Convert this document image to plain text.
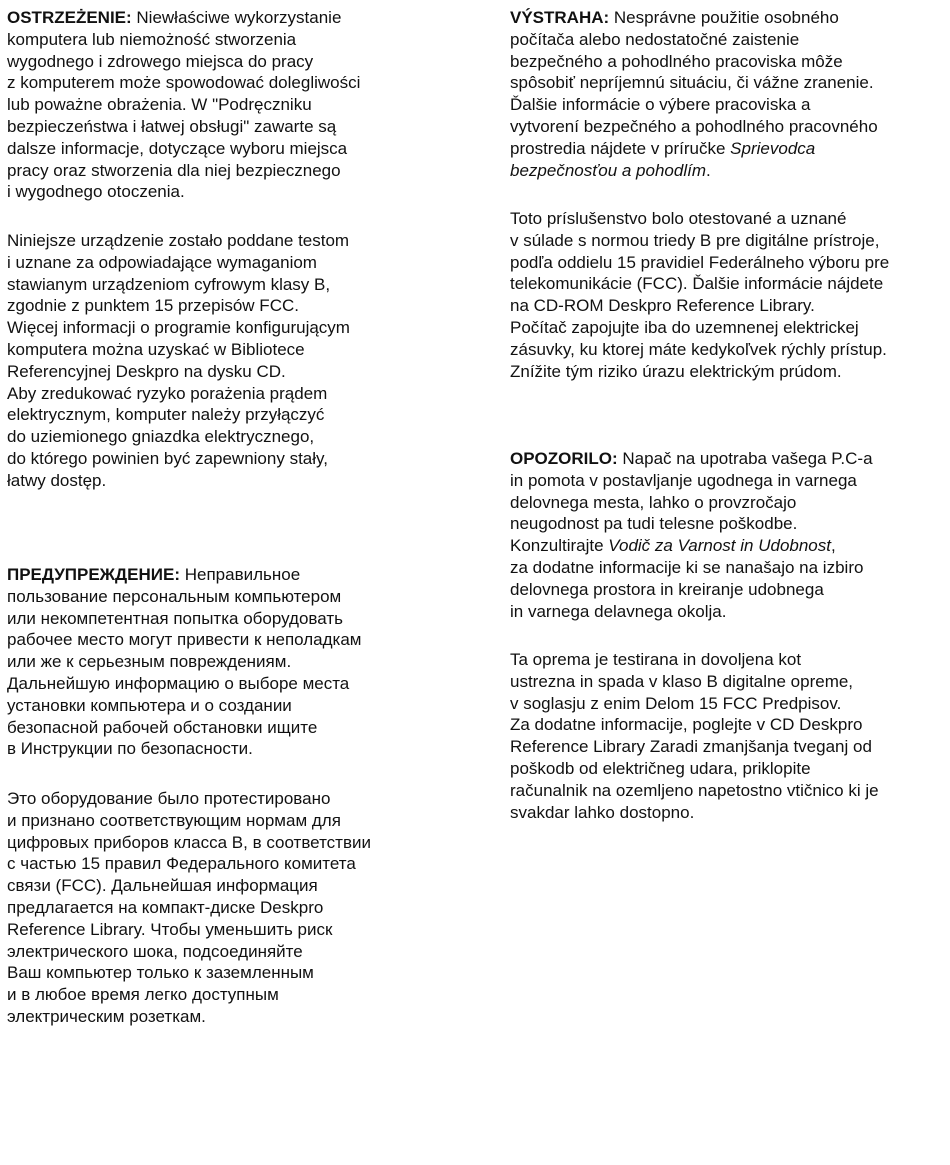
OSTRZEŻENIE: Niewłaściwe wykorzystanie
komputera lub niemożność stworzenia
wygodnego i zdrowego miejsca do pracy
z komputerem może spowodować dolegliwości
lub poważne obrażenia. W "Podręczniku
bezpieczeństwa i łatwej obsługi" zawarte są
dalsze informacje, dotyczące wyboru miejsca
pracy oraz stworzenia dla niej bezpiecznego
i wygodnego otoczenia.
Niniejsze urządzenie zostało poddane testom
i uznane za odpowiadające wymaganiom
stawianym urządzeniom cyfrowym klasy B,
zgodnie z punktem 15 przepisów FCC.
Więcej informacji o programie konfigurującym
komputera można uzyskać w Bibliotece
Referencyjnej Deskpro na dysku CD.
Aby zredukować ryzyko porażenia prądem
elektrycznym, komputer należy przyłączyć
do uziemionego gniazdka elektrycznego,
do którego powinien być zapewniony stały,
łatwy dostęp.
ПРЕДУПРЕЖДЕНИЕ: Неправильное
пользование персональным компьютером
или некомпетентная попытка оборудовать
рабочее место могут привести к неполадкам
или же к серьезным повреждениям.
Дальнейшую информацию о выборе места
установки компьютера и о создании
безопасной рабочей обстановки ищите
в Инструкции по безопасности.
Это оборудование было протестировано
и признано соответствующим нормам для
цифровых приборов класса В, в соответствии
с частью 15 правил Федерального комитета
связи (FCC). Дальнейшая информация
предлагается на компакт-диске Deskpro
Reference Library. Чтобы уменьшить риск
электрического шока, подсоединяйте
Ваш компьютер только к заземленным
и в любое время легко доступным
электрическим розеткам.
VÝSTRAHA: Nesprávne použitie osobného
počítača alebo nedostatočné zaistenie
bezpečného a pohodlného pracoviska môže
spôsobiť nepríjemnú situáciu, či vážne zranenie.
Ďalšie informácie o výbere pracoviska a
vytvorení bezpečného a pohodlného pracovného
prostredia nájdete v príručke Sprievodca
bezpečnosťou a pohodlím.
Toto príslušenstvo bolo otestované a uznané
v súlade s normou triedy B pre digitálne prístroje,
podľa oddielu 15 pravidiel Federálneho výboru pre
telekomunikácie (FCC). Ďalšie informácie nájdete
na CD-ROM Deskpro Reference Library.
Počítač zapojujte iba do uzemnenej elektrickej
zásuvky, ku ktorej máte kedykoľvek rýchly prístup.
Znížite tým riziko úrazu elektrickým prúdom.
OPOZORILO: Napač na upotraba vašega P.C-a
in pomota v postavljanje ugodnega in varnega
delovnega mesta, lahko o provzročajo
neugodnost pa tudi telesne poškodbe.
Konzultirajte Vodič za Varnost in Udobnost,
za dodatne informacije ki se nanašajo na izbiro
delovnega prostora in kreiranje udobnega
in varnega delavnega okolja.
Ta oprema je testirana in dovoljena kot
ustrezna in spada v klaso B digitalne opreme,
v soglasju z enim Delom 15 FCC Predpisov.
Za dodatne informacije, poglejte v CD Deskpro
Reference Library Zaradi zmanjšanja tveganj od
poškodb od električneg udara, priklopite
računalnik na ozemljeno napetostno vtičnico ki je
svakdar lahko dostopno.
